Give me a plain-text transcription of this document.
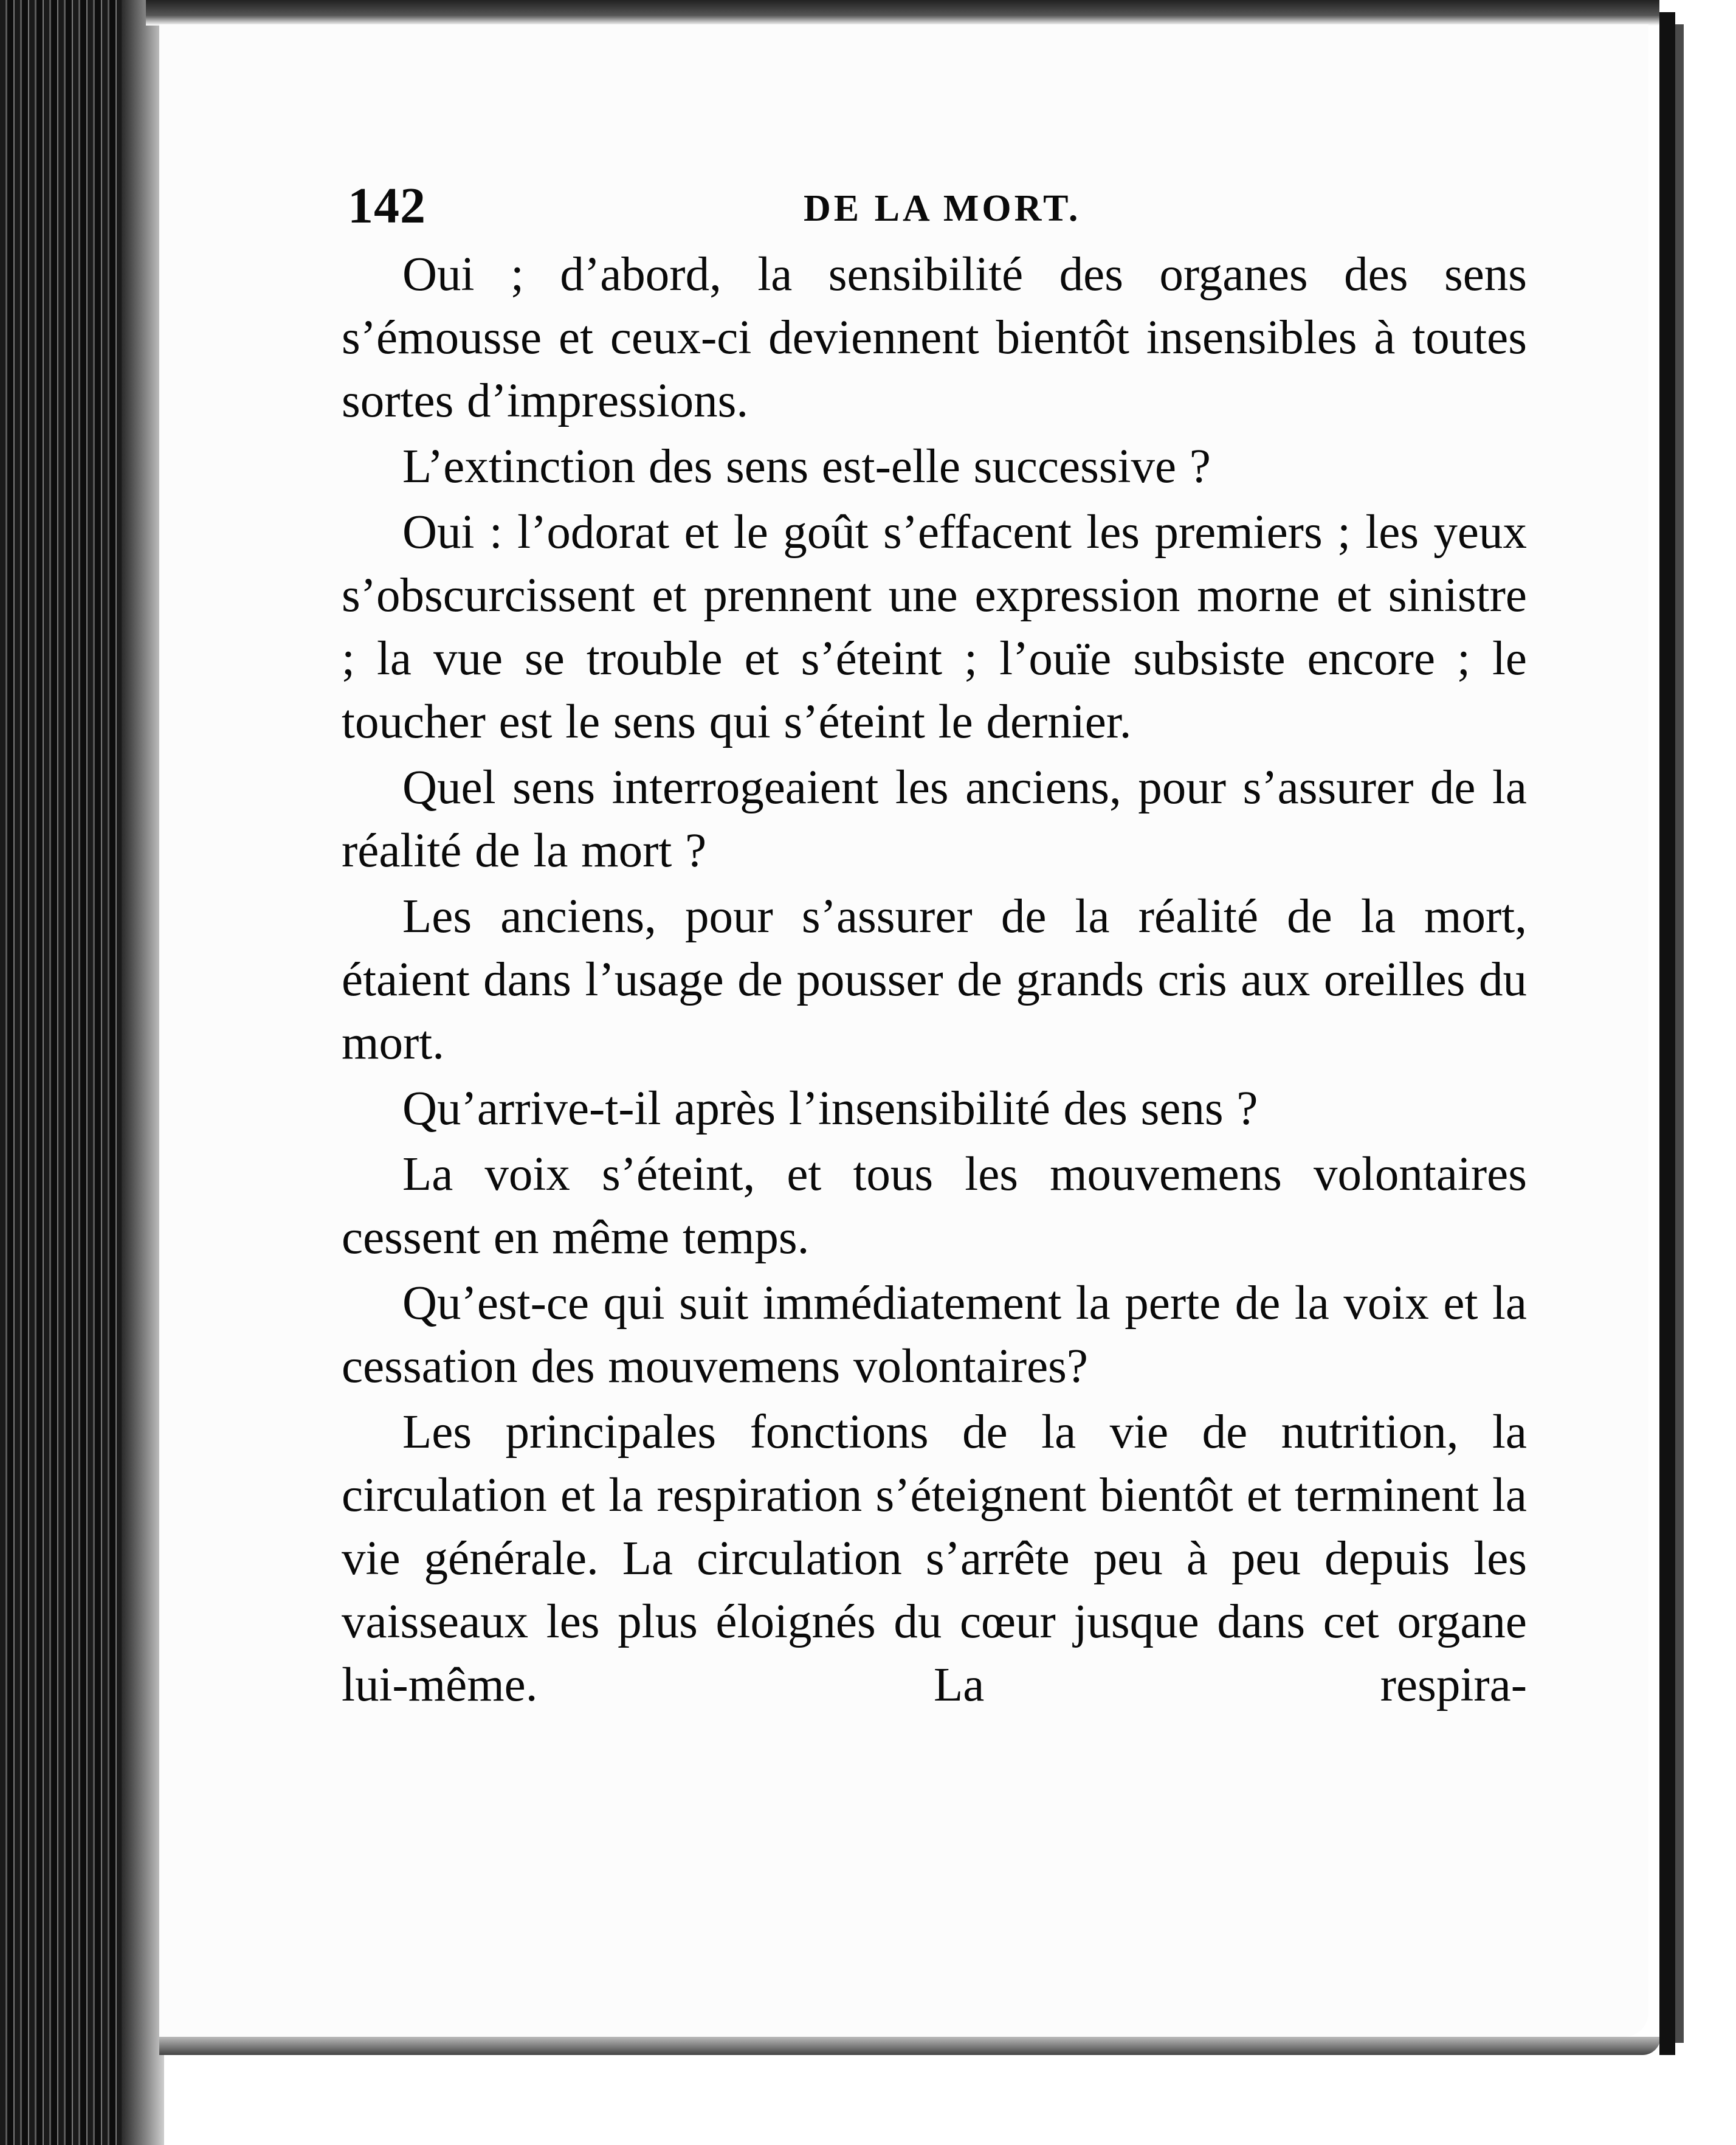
142	DE LA MORT.

Oui ; d’abord, la sensibilité des organes des sens s’émousse et ceux-ci deviennent bientôt insensibles à toutes sortes d’impressions.

L’extinction des sens est-elle successive ?

Oui : l’odorat et le goût s’effacent les premiers ; les yeux s’obscurcissent et prennent une expression morne et sinistre ; la vue se trouble et s’éteint ; l’ouïe subsiste encore ; le toucher est le sens qui s’éteint le dernier.

Quel sens interrogeaient les anciens, pour s’assurer de la réalité de la mort ?

Les anciens, pour s’assurer de la réalité de la mort, étaient dans l’usage de pousser de grands cris aux oreilles du mort.

Qu’arrive-t-il après l’insensibilité des sens ?

La voix s’éteint, et tous les mouvemens volontaires cessent en même temps.

Qu’est-ce qui suit immédiatement la perte de la voix et la cessation des mouvemens volontaires?

Les principales fonctions de la vie de nutrition, la circulation et la respiration s’éteignent bientôt et terminent la vie générale. La circulation s’arrête peu à peu depuis les vaisseaux les plus éloignés du cœur jusque dans cet organe lui-même. La respira-
